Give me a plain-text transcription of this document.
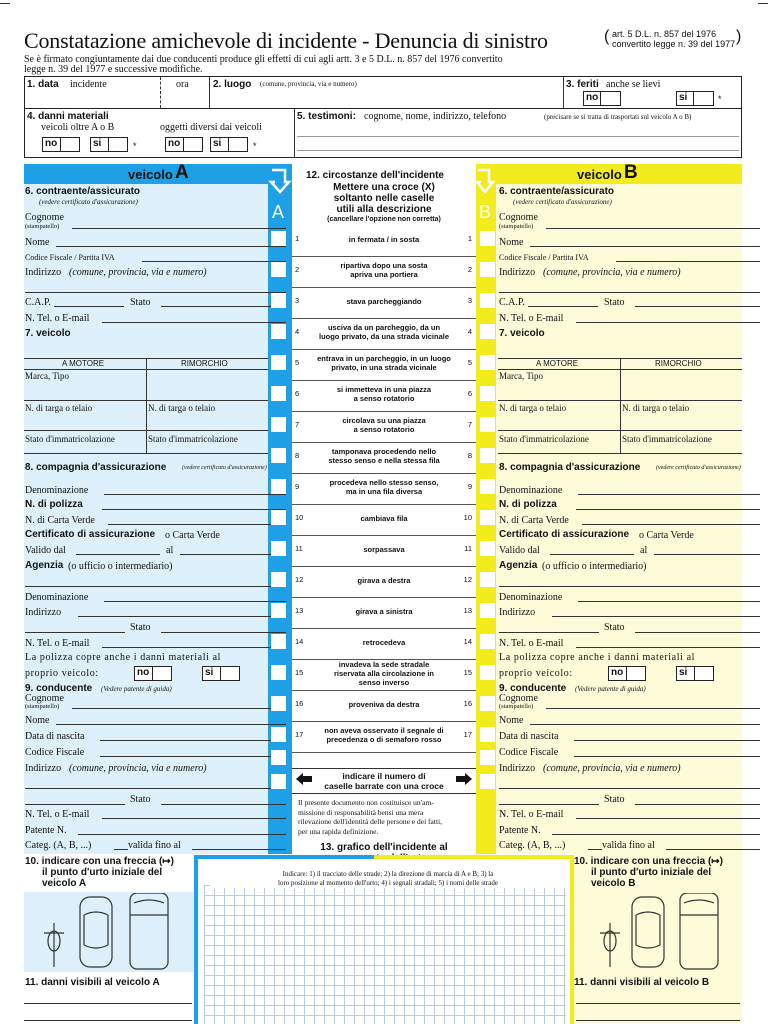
Constatazione amichevole di incidente - Denuncia di sinistro	( art. 5 D.L. n. 857 del 1976
convertito legge n. 39 del 1977 )
Se è firmato congiuntamente dai due conducenti produce gli effetti di cui agli artt. 3 e 5 D.L. n. 857 del 1976 convertito
legge n. 39 del 1977 e successive modifiche.
1. data incidente	ora 2. luogo (comune, provincia, via e numero)	3. feriti anche se lievi
no	si	*
4. danni materiali
veicoli oltre A o B	oggetti diversi dai veicoli
no	si	*	no	si	*
5. testimoni: cognome, nome, indirizzo, telefono	(precisare se si tratta di trasportati sul veicolo A o B)
veicolo A
A
veicolo B
B
6. contraente/assicurato
(vedere certificato d'assicurazione)
Cognome
(stampatello)
Nome
Codice Fiscale / Partita IVA
Indirizzo (comune, provincia, via e numero)
C.A.P.	Stato
N. Tel. o E-mail
7. veicolo
A MOTORE	RIMORCHIO
Marca, Tipo
N. di targa o telaio	N. di targa o telaio
Stato d'immatricolazione	Stato d'immatricolazione
8. compagnia d'assicurazione	(vedere certificato d'assicurazione)
Denominazione
N. di polizza
N. di Carta Verde
Certificato di assicurazione o Carta Verde
Valido dal	al
Agenzia (o ufficio o intermediario)
Denominazione
Indirizzo
Stato
N. Tel. o E-mail
La polizza copre anche i danni materiali al
proprio veicolo:	no	si
9. conducente (Vedere patente di guida)
Cognome
(stampatello)
Nome
Data di nascita
Codice Fiscale
Indirizzo (comune, provincia, via e numero)
Stato
N. Tel. o E-mail
Patente N.
Categ. (A, B, ...)	valida fino al
6. contraente/assicurato
(vedere certificato d'assicurazione)
Cognome
(stampatello)
Nome
Codice Fiscale / Partita IVA
Indirizzo (comune, provincia, via e numero)
C.A.P.	Stato
N. Tel. o E-mail
7. veicolo
A MOTORE	RIMORCHIO
Marca, Tipo
N. di targa o telaio	N. di targa o telaio
Stato d'immatricolazione	Stato d'immatricolazione
8. compagnia d'assicurazione	(vedere certificato d'assicurazione)
Denominazione
N. di polizza
N. di Carta Verde
Certificato di assicurazione o Carta Verde
Valido dal	al
Agenzia (o ufficio o intermediario)
Denominazione
Indirizzo
Stato
N. Tel. o E-mail
La polizza copre anche i danni materiali al
proprio veicolo:	no	si
9. conducente (Vedere patente di guida)
Cognome
(stampatello)
Nome
Data di nascita
Codice Fiscale
Indirizzo (comune, provincia, via e numero)
Stato
N. Tel. o E-mail
Patente N.
Categ. (A, B, ...)	valida fino al
12. circostanze dell'incidente
Mettere una croce (X)
soltanto nelle caselle
utili alla descrizione
(cancellare l'opzione non corretta)
1	1
in fermata / in sosta
2	2
ripartiva dopo una sosta
apriva una portiera
3	3
stava parcheggiando
4	4
usciva da un parcheggio, da un
luogo privato, da una strada vicinale
5	5
entrava in un parcheggio, in un luogo
privato, in una strada vicinale
6	6
si immetteva in una piazza
a senso rotatorio
7	7
circolava su una piazza
a senso rotatorio
8	8
tamponava procedendo nello
stesso senso e nella stessa fila
9	9
procedeva nello stesso senso,
ma in una fila diversa
10	10
cambiava fila
11	11
sorpassava
12	12
girava a destra
13	13
girava a sinistra
14	14
retrocedeva
15	15
invadeva la sede stradale
riservata alla circolazione in
senso inverso
16	16
proveniva da destra
17	17
non aveva osservato il segnale di
precedenza o di semaforo rosso
indicare il numero di
caselle barrate con una croce
Il presente documento non costituisce un'am-
missione di responsabilità bensì una mera
rilevazione dell'identità delle persone e dei fatti,
per una rapida definizione.
13. grafico dell'incidente al
Indicare: 1) il tracciato delle strade; 2) la direzione di marcia di A e B; 3) la
loro posizione al momento dell'urto; 4) i segnali stradali; 5) i nomi delle strade
10. indicare con una freccia (↦)
il punto d'urto iniziale del
veicolo A
11. danni visibili al veicolo A
10. indicare con una freccia (↦)
il punto d'urto iniziale del
veicolo B
11. danni visibili al veicolo B
